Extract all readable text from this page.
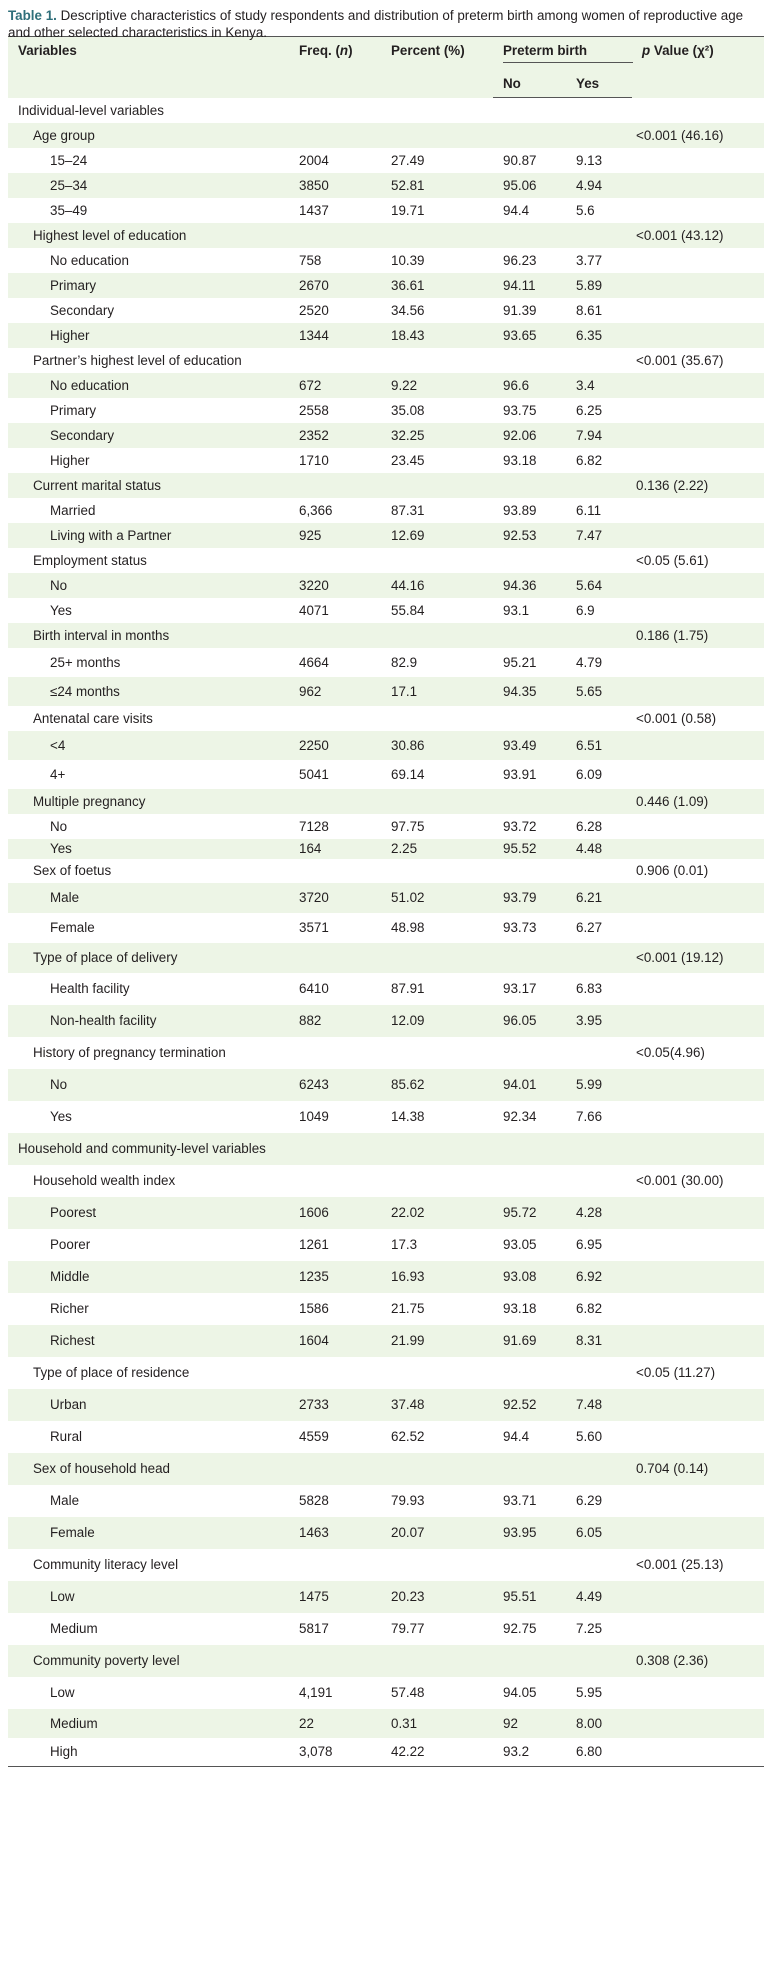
Table 1. Descriptive characteristics of study respondents and distribution of preterm birth among women of reproductive age and other selected characteristics in Kenya.
Variables	Freq. (n)	Percent (%)	Preterm birth		p Value (χ²)
			No	Yes	
Individual-level variables					
Age group					<0.001 (46.16)
15–24	2004	27.49	90.87	9.13	
25–34	3850	52.81	95.06	4.94	
35–49	1437	19.71	94.4	5.6	
Highest level of education					<0.001 (43.12)
No education	758	10.39	96.23	3.77	
Primary	2670	36.61	94.11	5.89	
Secondary	2520	34.56	91.39	8.61	
Higher	1344	18.43	93.65	6.35	
Partner’s highest level of education					<0.001 (35.67)
No education	672	9.22	96.6	3.4	
Primary	2558	35.08	93.75	6.25	
Secondary	2352	32.25	92.06	7.94	
Higher	1710	23.45	93.18	6.82	
Current marital status					0.136 (2.22)
Married	6,366	87.31	93.89	6.11	
Living with a Partner	925	12.69	92.53	7.47	
Employment status					<0.05 (5.61)
No	3220	44.16	94.36	5.64	
Yes	4071	55.84	93.1	6.9	
Birth interval in months					0.186 (1.75)
25+ months	4664	82.9	95.21	4.79	
≤24 months	962	17.1	94.35	5.65	
Antenatal care visits					<0.001 (0.58)
<4	2250	30.86	93.49	6.51	
4+	5041	69.14	93.91	6.09	
Multiple pregnancy					0.446 (1.09)
No	7128	97.75	93.72	6.28	
Yes	164	2.25	95.52	4.48	
Sex of foetus					0.906 (0.01)
Male	3720	51.02	93.79	6.21	
Female	3571	48.98	93.73	6.27	
Type of place of delivery					<0.001 (19.12)
Health facility	6410	87.91	93.17	6.83	
Non-health facility	882	12.09	96.05	3.95	
History of pregnancy termination					<0.05(4.96)
No	6243	85.62	94.01	5.99	
Yes	1049	14.38	92.34	7.66	
Household and community-level variables					
Household wealth index					<0.001 (30.00)
Poorest	1606	22.02	95.72	4.28	
Poorer	1261	17.3	93.05	6.95	
Middle	1235	16.93	93.08	6.92	
Richer	1586	21.75	93.18	6.82	
Richest	1604	21.99	91.69	8.31	
Type of place of residence					<0.05 (11.27)
Urban	2733	37.48	92.52	7.48	
Rural	4559	62.52	94.4	5.60	
Sex of household head					0.704 (0.14)
Male	5828	79.93	93.71	6.29	
Female	1463	20.07	93.95	6.05	
Community literacy level					<0.001 (25.13)
Low	1475	20.23	95.51	4.49	
Medium	5817	79.77	92.75	7.25	
Community poverty level					0.308 (2.36)
Low	4,191	57.48	94.05	5.95	
Medium	22	0.31	92	8.00	
High	3,078	42.22	93.2	6.80	
